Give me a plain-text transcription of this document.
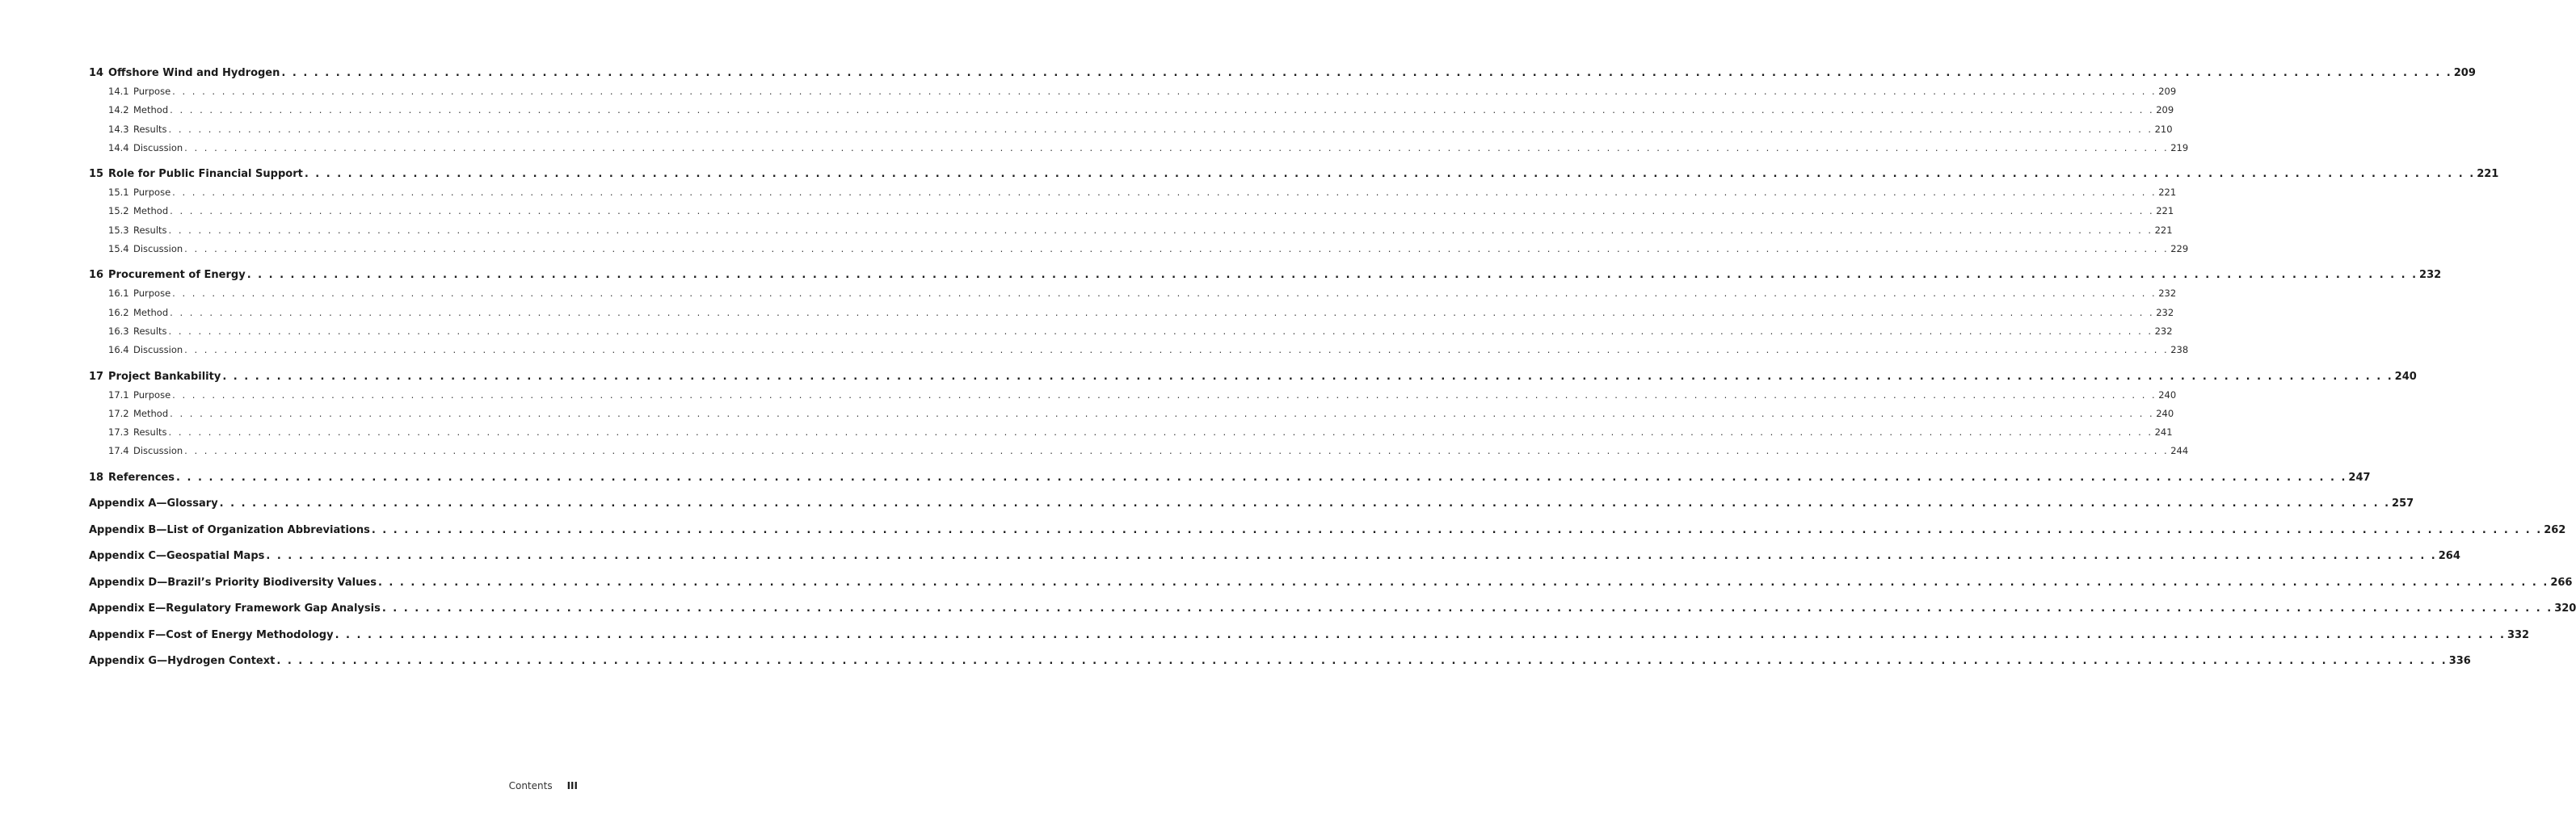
14 Offshore Wind and Hydrogen . . . . . . . . . . . . . . . . . . . . . . . . . . . . . . . . . . . . . . . . . . . . . . . . . . . . . . . . . . . . . . . . . . . . . . . . . . . . . . . . . . . . . . . . . . . . . . . . . . . . . . . . . . . . . . . . . . . . . . . . . . . . . . . . . . . . . . . . . . . . . . . . . . . . . . . . . . . . . . . . . . . . . . . . . . . . . . . . . . . . . . . . . . . . . . . . . . . . . . . . 209
14.1 Purpose . . . . . . . . . . . . . . . . . . . . . . . . . . . . . . . . . . . . . . . . . . . . . . . . . . . . . . . . . . . . . . . . . . . . . . . . . . . . . . . . . . . . . . . . . . . . . . . . . . . . . . . . . . . . . . . . . . . . . . . . . . . . . . . . . . . . . . . . . . . . . . . . . . . . . . . . . . . . . . . . . . . . . . . . . . . . . . . . . . . . . . . . . . . . . . . . . . . . . . . . 209
14.2 Method . . . . . . . . . . . . . . . . . . . . . . . . . . . . . . . . . . . . . . . . . . . . . . . . . . . . . . . . . . . . . . . . . . . . . . . . . . . . . . . . . . . . . . . . . . . . . . . . . . . . . . . . . . . . . . . . . . . . . . . . . . . . . . . . . . . . . . . . . . . . . . . . . . . . . . . . . . . . . . . . . . . . . . . . . . . . . . . . . . . . . . . . . . . . . . . . . . . . . . . . 209
14.3 Results . . . . . . . . . . . . . . . . . . . . . . . . . . . . . . . . . . . . . . . . . . . . . . . . . . . . . . . . . . . . . . . . . . . . . . . . . . . . . . . . . . . . . . . . . . . . . . . . . . . . . . . . . . . . . . . . . . . . . . . . . . . . . . . . . . . . . . . . . . . . . . . . . . . . . . . . . . . . . . . . . . . . . . . . . . . . . . . . . . . . . . . . . . . . . . . . . . . . . . . . 210
14.4 Discussion . . . . . . . . . . . . . . . . . . . . . . . . . . . . . . . . . . . . . . . . . . . . . . . . . . . . . . . . . . . . . . . . . . . . . . . . . . . . . . . . . . . . . . . . . . . . . . . . . . . . . . . . . . . . . . . . . . . . . . . . . . . . . . . . . . . . . . . . . . . . . . . . . . . . . . . . . . . . . . . . . . . . . . . . . . . . . . . . . . . . . . . . . . . . . . . . . . . . . . . . 219
15 Role for Public Financial Support . . . . . . . . . . . . . . . . . . . . . . . . . . . . . . . . . . . . . . . . . . . . . . . . . . . . . . . . . . . . . . . . . . . . . . . . . . . . . . . . . . . . . . . . . . . . . . . . . . . . . . . . . . . . . . . . . . . . . . . . . . . . . . . . . . . . . . . . . . . . . . . . . . . . . . . . . . . . . . . . . . . . . . . . . . . . . . . . . . . . . . . . . . . . . . . . . . . . . . . . 221
15.1 Purpose . . . . . . . . . . . . . . . . . . . . . . . . . . . . . . . . . . . . . . . . . . . . . . . . . . . . . . . . . . . . . . . . . . . . . . . . . . . . . . . . . . . . . . . . . . . . . . . . . . . . . . . . . . . . . . . . . . . . . . . . . . . . . . . . . . . . . . . . . . . . . . . . . . . . . . . . . . . . . . . . . . . . . . . . . . . . . . . . . . . . . . . . . . . . . . . . . . . . . . . . 221
15.2 Method . . . . . . . . . . . . . . . . . . . . . . . . . . . . . . . . . . . . . . . . . . . . . . . . . . . . . . . . . . . . . . . . . . . . . . . . . . . . . . . . . . . . . . . . . . . . . . . . . . . . . . . . . . . . . . . . . . . . . . . . . . . . . . . . . . . . . . . . . . . . . . . . . . . . . . . . . . . . . . . . . . . . . . . . . . . . . . . . . . . . . . . . . . . . . . . . . . . . . . . . 221
15.3 Results . . . . . . . . . . . . . . . . . . . . . . . . . . . . . . . . . . . . . . . . . . . . . . . . . . . . . . . . . . . . . . . . . . . . . . . . . . . . . . . . . . . . . . . . . . . . . . . . . . . . . . . . . . . . . . . . . . . . . . . . . . . . . . . . . . . . . . . . . . . . . . . . . . . . . . . . . . . . . . . . . . . . . . . . . . . . . . . . . . . . . . . . . . . . . . . . . . . . . . . . 221
15.4 Discussion . . . . . . . . . . . . . . . . . . . . . . . . . . . . . . . . . . . . . . . . . . . . . . . . . . . . . . . . . . . . . . . . . . . . . . . . . . . . . . . . . . . . . . . . . . . . . . . . . . . . . . . . . . . . . . . . . . . . . . . . . . . . . . . . . . . . . . . . . . . . . . . . . . . . . . . . . . . . . . . . . . . . . . . . . . . . . . . . . . . . . . . . . . . . . . . . . . . . . . . . 229
16 Procurement of Energy . . . . . . . . . . . . . . . . . . . . . . . . . . . . . . . . . . . . . . . . . . . . . . . . . . . . . . . . . . . . . . . . . . . . . . . . . . . . . . . . . . . . . . . . . . . . . . . . . . . . . . . . . . . . . . . . . . . . . . . . . . . . . . . . . . . . . . . . . . . . . . . . . . . . . . . . . . . . . . . . . . . . . . . . . . . . . . . . . . . . . . . . . . . . . . . . . . . . . . . . 232
16.1 Purpose . . . . . . . . . . . . . . . . . . . . . . . . . . . . . . . . . . . . . . . . . . . . . . . . . . . . . . . . . . . . . . . . . . . . . . . . . . . . . . . . . . . . . . . . . . . . . . . . . . . . . . . . . . . . . . . . . . . . . . . . . . . . . . . . . . . . . . . . . . . . . . . . . . . . . . . . . . . . . . . . . . . . . . . . . . . . . . . . . . . . . . . . . . . . . . . . . . . . . . . . 232
16.2 Method . . . . . . . . . . . . . . . . . . . . . . . . . . . . . . . . . . . . . . . . . . . . . . . . . . . . . . . . . . . . . . . . . . . . . . . . . . . . . . . . . . . . . . . . . . . . . . . . . . . . . . . . . . . . . . . . . . . . . . . . . . . . . . . . . . . . . . . . . . . . . . . . . . . . . . . . . . . . . . . . . . . . . . . . . . . . . . . . . . . . . . . . . . . . . . . . . . . . . . . . 232
16.3 Results . . . . . . . . . . . . . . . . . . . . . . . . . . . . . . . . . . . . . . . . . . . . . . . . . . . . . . . . . . . . . . . . . . . . . . . . . . . . . . . . . . . . . . . . . . . . . . . . . . . . . . . . . . . . . . . . . . . . . . . . . . . . . . . . . . . . . . . . . . . . . . . . . . . . . . . . . . . . . . . . . . . . . . . . . . . . . . . . . . . . . . . . . . . . . . . . . . . . . . . . 232
16.4 Discussion . . . . . . . . . . . . . . . . . . . . . . . . . . . . . . . . . . . . . . . . . . . . . . . . . . . . . . . . . . . . . . . . . . . . . . . . . . . . . . . . . . . . . . . . . . . . . . . . . . . . . . . . . . . . . . . . . . . . . . . . . . . . . . . . . . . . . . . . . . . . . . . . . . . . . . . . . . . . . . . . . . . . . . . . . . . . . . . . . . . . . . . . . . . . . . . . . . . . . . . . 238
17 Project Bankability . . . . . . . . . . . . . . . . . . . . . . . . . . . . . . . . . . . . . . . . . . . . . . . . . . . . . . . . . . . . . . . . . . . . . . . . . . . . . . . . . . . . . . . . . . . . . . . . . . . . . . . . . . . . . . . . . . . . . . . . . . . . . . . . . . . . . . . . . . . . . . . . . . . . . . . . . . . . . . . . . . . . . . . . . . . . . . . . . . . . . . . . . . . . . . . . . . . . . . . . 240
17.1 Purpose . . . . . . . . . . . . . . . . . . . . . . . . . . . . . . . . . . . . . . . . . . . . . . . . . . . . . . . . . . . . . . . . . . . . . . . . . . . . . . . . . . . . . . . . . . . . . . . . . . . . . . . . . . . . . . . . . . . . . . . . . . . . . . . . . . . . . . . . . . . . . . . . . . . . . . . . . . . . . . . . . . . . . . . . . . . . . . . . . . . . . . . . . . . . . . . . . . . . . . . . 240
17.2 Method . . . . . . . . . . . . . . . . . . . . . . . . . . . . . . . . . . . . . . . . . . . . . . . . . . . . . . . . . . . . . . . . . . . . . . . . . . . . . . . . . . . . . . . . . . . . . . . . . . . . . . . . . . . . . . . . . . . . . . . . . . . . . . . . . . . . . . . . . . . . . . . . . . . . . . . . . . . . . . . . . . . . . . . . . . . . . . . . . . . . . . . . . . . . . . . . . . . . . . . . 240
17.3 Results . . . . . . . . . . . . . . . . . . . . . . . . . . . . . . . . . . . . . . . . . . . . . . . . . . . . . . . . . . . . . . . . . . . . . . . . . . . . . . . . . . . . . . . . . . . . . . . . . . . . . . . . . . . . . . . . . . . . . . . . . . . . . . . . . . . . . . . . . . . . . . . . . . . . . . . . . . . . . . . . . . . . . . . . . . . . . . . . . . . . . . . . . . . . . . . . . . . . . . . . 241
17.4 Discussion . . . . . . . . . . . . . . . . . . . . . . . . . . . . . . . . . . . . . . . . . . . . . . . . . . . . . . . . . . . . . . . . . . . . . . . . . . . . . . . . . . . . . . . . . . . . . . . . . . . . . . . . . . . . . . . . . . . . . . . . . . . . . . . . . . . . . . . . . . . . . . . . . . . . . . . . . . . . . . . . . . . . . . . . . . . . . . . . . . . . . . . . . . . . . . . . . . . . . . . . 244
18 References . . . . . . . . . . . . . . . . . . . . . . . . . . . . . . . . . . . . . . . . . . . . . . . . . . . . . . . . . . . . . . . . . . . . . . . . . . . . . . . . . . . . . . . . . . . . . . . . . . . . . . . . . . . . . . . . . . . . . . . . . . . . . . . . . . . . . . . . . . . . . . . . . . . . . . . . . . . . . . . . . . . . . . . . . . . . . . . . . . . . . . . . . . . . . . . . . . . . . . . . 247
Appendix A—Glossary . . . . . . . . . . . . . . . . . . . . . . . . . . . . . . . . . . . . . . . . . . . . . . . . . . . . . . . . . . . . . . . . . . . . . . . . . . . . . . . . . . . . . . . . . . . . . . . . . . . . . . . . . . . . . . . . . . . . . . . . . . . . . . . . . . . . . . . . . . . . . . . . . . . . . . . . . . . . . . . . . . . . . . . . . . . . . . . . . . . . . . . . . . . . . . . . . . . . . . . . 257
Appendix B—List of Organization Abbreviations . . . . . . . . . . . . . . . . . . . . . . . . . . . . . . . . . . . . . . . . . . . . . . . . . . . . . . . . . . . . . . . . . . . . . . . . . . . . . . . . . . . . . . . . . . . . . . . . . . . . . . . . . . . . . . . . . . . . . . . . . . . . . . . . . . . . . . . . . . . . . . . . . . . . . . . . . . . . . . . . . . . . . . . . . . . . . . . . . . . . . . . . . . . . . . . . . . . . . . . . 262
Appendix C—Geospatial Maps . . . . . . . . . . . . . . . . . . . . . . . . . . . . . . . . . . . . . . . . . . . . . . . . . . . . . . . . . . . . . . . . . . . . . . . . . . . . . . . . . . . . . . . . . . . . . . . . . . . . . . . . . . . . . . . . . . . . . . . . . . . . . . . . . . . . . . . . . . . . . . . . . . . . . . . . . . . . . . . . . . . . . . . . . . . . . . . . . . . . . . . . . . . . . . . . . . . . . . . . 264
Appendix D—Brazil’s Priority Biodiversity Values . . . . . . . . . . . . . . . . . . . . . . . . . . . . . . . . . . . . . . . . . . . . . . . . . . . . . . . . . . . . . . . . . . . . . . . . . . . . . . . . . . . . . . . . . . . . . . . . . . . . . . . . . . . . . . . . . . . . . . . . . . . . . . . . . . . . . . . . . . . . . . . . . . . . . . . . . . . . . . . . . . . . . . . . . . . . . . . . . . . . . . . . . . . . . . . . . . . . . . . . 266
Appendix E—Regulatory Framework Gap Analysis . . . . . . . . . . . . . . . . . . . . . . . . . . . . . . . . . . . . . . . . . . . . . . . . . . . . . . . . . . . . . . . . . . . . . . . . . . . . . . . . . . . . . . . . . . . . . . . . . . . . . . . . . . . . . . . . . . . . . . . . . . . . . . . . . . . . . . . . . . . . . . . . . . . . . . . . . . . . . . . . . . . . . . . . . . . . . . . . . . . . . . . . . . . . . . . . . . . . . . . . 320
Appendix F—Cost of Energy Methodology . . . . . . . . . . . . . . . . . . . . . . . . . . . . . . . . . . . . . . . . . . . . . . . . . . . . . . . . . . . . . . . . . . . . . . . . . . . . . . . . . . . . . . . . . . . . . . . . . . . . . . . . . . . . . . . . . . . . . . . . . . . . . . . . . . . . . . . . . . . . . . . . . . . . . . . . . . . . . . . . . . . . . . . . . . . . . . . . . . . . . . . . . . . . . . . . . . . . . . . . 332
Appendix G—Hydrogen Context . . . . . . . . . . . . . . . . . . . . . . . . . . . . . . . . . . . . . . . . . . . . . . . . . . . . . . . . . . . . . . . . . . . . . . . . . . . . . . . . . . . . . . . . . . . . . . . . . . . . . . . . . . . . . . . . . . . . . . . . . . . . . . . . . . . . . . . . . . . . . . . . . . . . . . . . . . . . . . . . . . . . . . . . . . . . . . . . . . . . . . . . . . . . . . . . . . . . . . . . 336
Contents III
